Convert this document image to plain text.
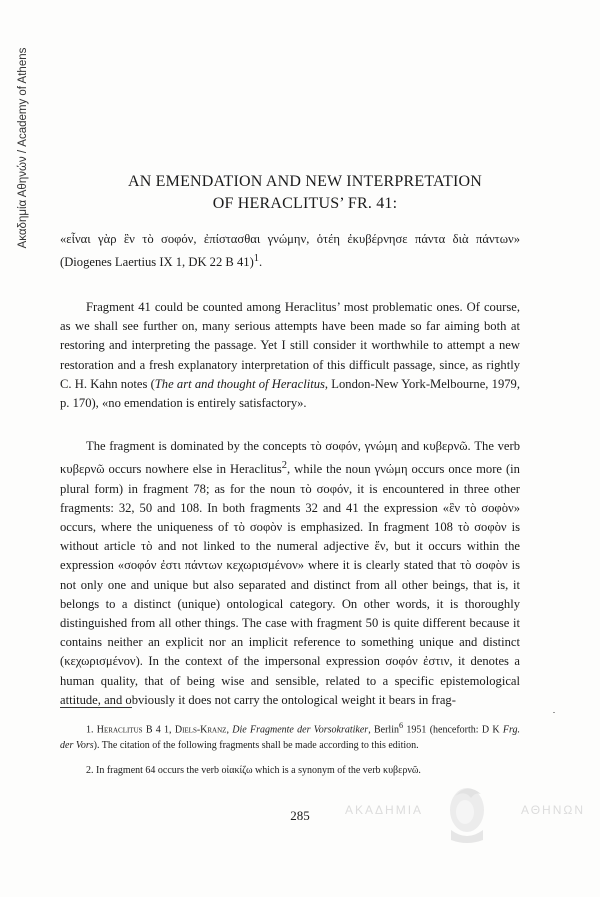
Ακαδημία Αθηνών / Academy of Athens	AN EMENDATION AND NEW INTERPRETATION
OF HERACLITUS’ FR. 41:

«εἶναι γὰρ ἓν τὸ σοφόν, ἐπίστασθαι γνώμην, ὁτέη ἐκυβέρνησε πάντα διὰ πάντων» (Diogenes Laertius IX 1, DK 22 B 41)$^1$.

Fragment 41 could be counted among Heraclitus’ most problematic ones. Of course, as we shall see further on, many serious attempts have been made so far aiming both at restoring and interpreting the passage. Yet I still consider it worthwhile to attempt a new restoration and a fresh explanatory interpretation of this difficult passage, since, as rightly C. H. Kahn notes (The art and thought of Heraclitus, London-New York-Melbourne, 1979, p. 170), «no emendation is entirely satisfactory».

The fragment is dominated by the concepts τὸ σοφόν, γνώμη and κυβερνῶ. The verb κυβερνῶ occurs nowhere else in Heraclitus$^2$, while the noun γνώμη occurs once more (in plural form) in fragment 78; as for the noun τὸ σοφόν, it is encountered in three other fragments: 32, 50 and 108. In both fragments 32 and 41 the expression «ἓν τὸ σοφὸν» occurs, where the uniqueness of τὸ σοφὸν is emphasized. In fragment 108 τὸ σοφὸν is without article τὸ and not linked to the numeral adjective ἕν, but it occurs within the expression «σοφόν ἐστι πάντων κεχωρισμένον» where it is clearly stated that τὸ σοφὸν is not only one and unique but also separated and distinct from all other beings, that is, it belongs to a distinct (unique) ontological category. On other words, it is thoroughly distinguished from all other things. The case with fragment 50 is quite different because it contains neither an explicit nor an implicit reference to something unique and distinct (κεχωρισμένον). In the context of the impersonal expression σοφόν ἐστιν, it denotes a human quality, that of being wise and sensible, related to a specific epistemological attitude, and obviously it does not carry the ontological weight it bears in frag-

1. Heraclitus B 4 1, Diels-Kranz, Die Fragmente der Vorsokratiker, Berlin$^6$ 1951 (henceforth: D K Frg. der Vors). The citation of the following fragments shall be made according to this edition.

2. In fragment 64 occurs the verb οἰακίζω which is a synonym of the verb κυβερνῶ.

285	ΑΚΑΔΗΜΙΑ	ΑΘΗΝΩΝ
